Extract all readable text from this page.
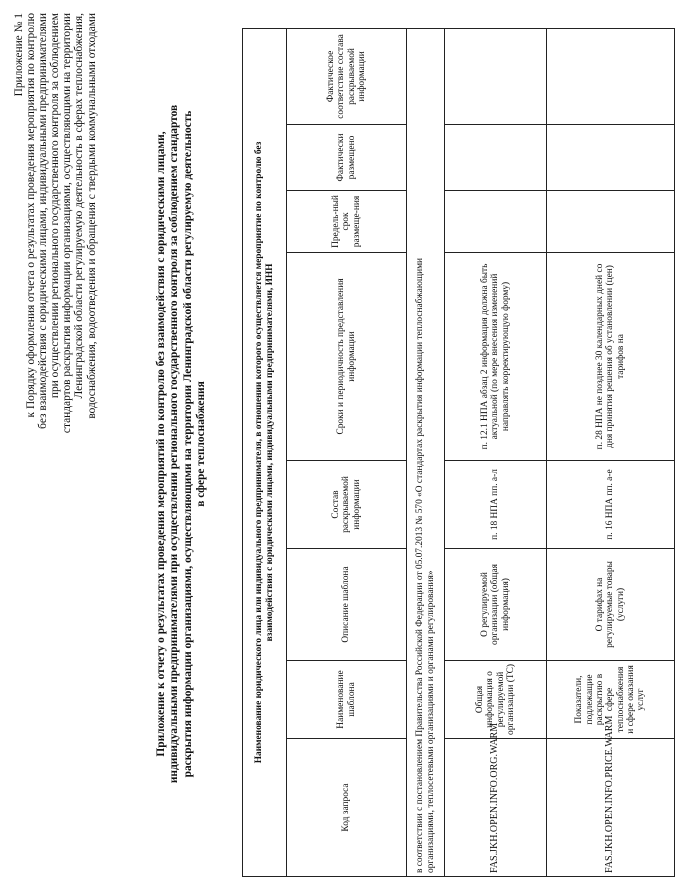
Приложение № 1 к Порядку оформления отчета о результатах проведения мероприятия по контролю без взаимодействия с юридическими лицами, индивидуальными предпринимателями при осуществлении регионального государственного контроля за соблюдением стандартов раскрытия информации организациями, осуществляющими на территории Ленинградской области регулируемую деятельность в сферах теплоснабжения, водоснабжения, водоотведения и обращения с твердыми коммунальными отходами	Приложение к отчету о результатах проведения мероприятий по контролю без взаимодействия с юридическими лицами, индивидуальными предпринимателями при осуществлении регионального государственного контроля за соблюдением стандартов раскрытия информации организациями, осуществляющими на территории Ленинградской области регулируемую деятельность в сфере теплоснабжения	Наименование юридического лица или индивидуального предпринимателя, в отношении которого осуществляется мероприятие по контролю без взаимодействия с юридическими лицами, индивидуальными предпринимателями, ИНН							

Код запроса	Наименование шаблона	Описание шаблона	Состав раскрываемой информации	Сроки и периодичность представления информации	Предель-ный срок размеще-ния	Фактически размещено	Фактическое соответствие состава раскрываемой информации

в соответствии с постановлением Правительства Российской Федерации от 05.07.2013 № 570 «О стандартах раскрытия информации теплоснабжающими организациями, теплосетевыми организациями и органами регулирования»							

FAS.JKH.OPEN.INFO.ORG.WARM	Общая информация о регулируемой организации (ТС)	О регулируемой организации (общая информация)	п. 18 НПА пп. а-л	п. 12.1 НПА абзац 2 информация должна быть актуальной (по мере внесения изменений направлять корректирующую форму)			
FAS.JKH.OPEN.INFO.PRICE.WARM	Показатели, подлежащие раскрытию в сфере теплоснабжения и сфере оказания услуг	О тарифах на регулируемые товары (услуги)	п. 16 НПА пп. а-е	п. 28 НПА не позднее 30 календарных дней со дня принятия решения об установлении (цен) тарифов на			
